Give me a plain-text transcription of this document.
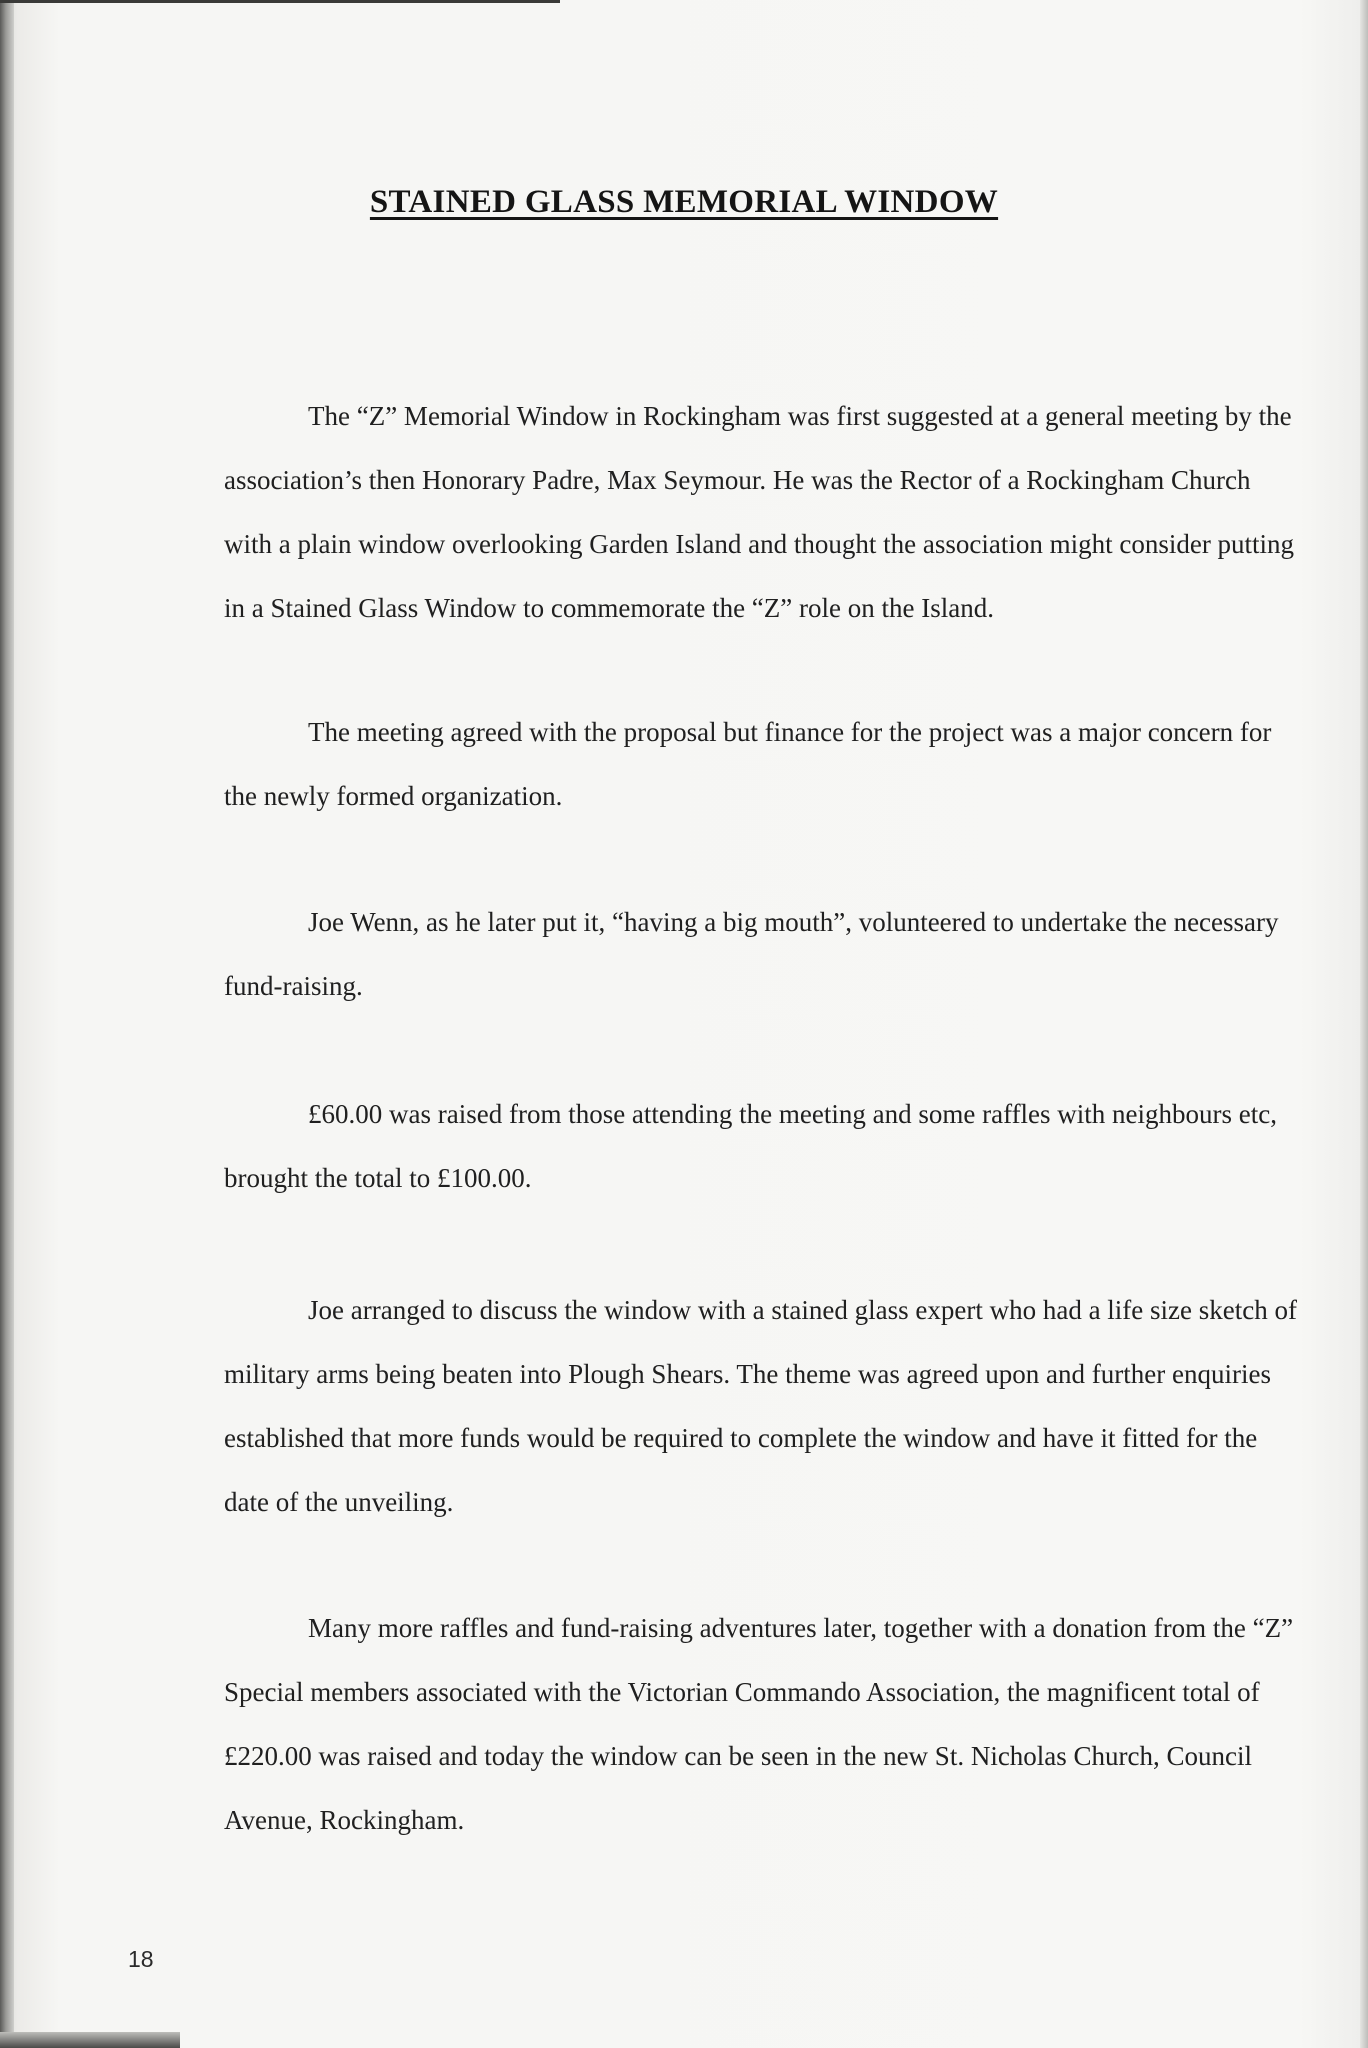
STAINED GLASS MEMORIAL WINDOW

The “Z” Memorial Window in Rockingham was first suggested at a general meeting by the association’s then Honorary Padre, Max Seymour. He was the Rector of a Rockingham Church with a plain window overlooking Garden Island and thought the association might consider putting in a Stained Glass Window to commemorate the “Z” role on the Island.

The meeting agreed with the proposal but finance for the project was a major concern for the newly formed organization.

Joe Wenn, as he later put it, “having a big mouth”, volunteered to undertake the necessary fund-raising.

£60.00 was raised from those attending the meeting and some raffles with neighbours etc, brought the total to £100.00.

Joe arranged to discuss the window with a stained glass expert who had a life size sketch of military arms being beaten into Plough Shears. The theme was agreed upon and further enquiries established that more funds would be required to complete the window and have it fitted for the date of the unveiling.

Many more raffles and fund-raising adventures later, together with a donation from the “Z” Special members associated with the Victorian Commando Association, the magnificent total of £220.00 was raised and today the window can be seen in the new St. Nicholas Church, Council Avenue, Rockingham.

18
